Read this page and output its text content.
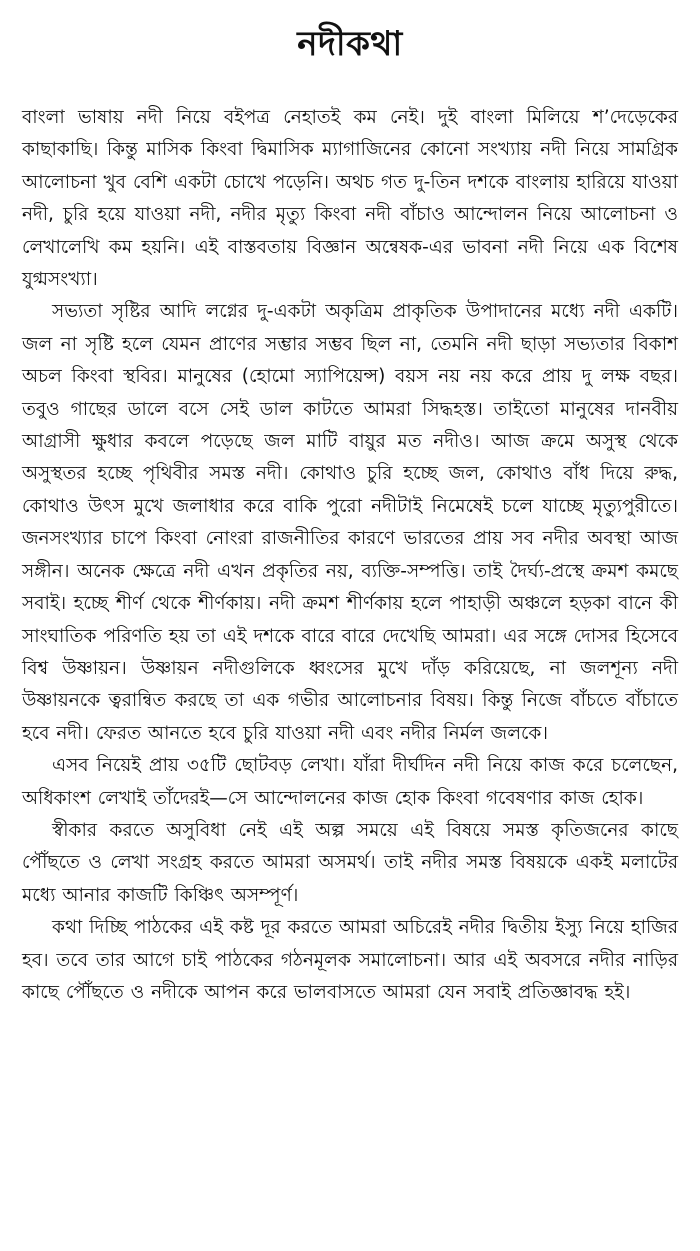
নদীকথা

বাংলা ভাষায় নদী নিয়ে বইপত্র নেহাতই কম নেই। দুই বাংলা মিলিয়ে শ’দেড়েকের কাছাকাছি। কিন্তু মাসিক কিংবা দ্বিমাসিক ম্যাগাজিনের কোনো সংখ্যায় নদী নিয়ে সামগ্রিক আলোচনা খুব বেশি একটা চোখে পড়েনি। অথচ গত দু-তিন দশকে বাংলায় হারিয়ে যাওয়া নদী, চুরি হয়ে যাওয়া নদী, নদীর মৃত্যু কিংবা নদী বাঁচাও আন্দোলন নিয়ে আলোচনা ও লেখালেখি কম হয়নি। এই বাস্তবতায় বিজ্ঞান অন্বেষক-এর ভাবনা নদী নিয়ে এক বিশেষ যুগ্মসংখ্যা।

সভ্যতা সৃষ্টির আদি লগ্নের দু-একটা অকৃত্রিম প্রাকৃতিক উপাদানের মধ্যে নদী একটি। জল না সৃষ্টি হলে যেমন প্রাণের সম্ভার সম্ভব ছিল না, তেমনি নদী ছাড়া সভ্যতার বিকাশ অচল কিংবা স্থবির। মানুষের (হোমো স্যাপিয়েন্স) বয়স নয় নয় করে প্রায় দু লক্ষ বছর। তবুও গাছের ডালে বসে সেই ডাল কাটতে আমরা সিদ্ধহস্ত। তাইতো মানুষের দানবীয় আগ্রাসী ক্ষুধার কবলে পড়েছে জল মাটি বায়ুর মত নদীও। আজ ক্রমে অসুস্থ থেকে অসুস্থতর হচ্ছে পৃথিবীর সমস্ত নদী। কোথাও চুরি হচ্ছে জল, কোথাও বাঁধ দিয়ে রুদ্ধ, কোথাও উৎস মুখে জলাধার করে বাকি পুরো নদীটাই নিমেষেই চলে যাচ্ছে মৃত্যুপুরীতে। জনসংখ্যার চাপে কিংবা নোংরা রাজনীতির কারণে ভারতের প্রায় সব নদীর অবস্থা আজ সঙ্গীন। অনেক ক্ষেত্রে নদী এখন প্রকৃতির নয়, ব্যক্তি-সম্পত্তি। তাই দৈর্ঘ্য-প্রস্থে ক্রমশ কমছে সবাই। হচ্ছে শীর্ণ থেকে শীর্ণকায়। নদী ক্রমশ শীর্ণকায় হলে পাহাড়ী অঞ্চলে হড়কা বানে কী সাংঘাতিক পরিণতি হয় তা এই দশকে বারে বারে দেখেছি আমরা। এর সঙ্গে দোসর হিসেবে বিশ্ব উষ্ণায়ন। উষ্ণায়ন নদীগুলিকে ধ্বংসের মুখে দাঁড় করিয়েছে, না জলশূন্য নদী উষ্ণায়নকে ত্বরান্বিত করছে তা এক গভীর আলোচনার বিষয়। কিন্তু নিজে বাঁচতে বাঁচাতে হবে নদী। ফেরত আনতে হবে চুরি যাওয়া নদী এবং নদীর নির্মল জলকে।

এসব নিয়েই প্রায় ৩৫টি ছোটবড় লেখা। যাঁরা দীর্ঘদিন নদী নিয়ে কাজ করে চলেছেন, অধিকাংশ লেখাই তাঁদেরই—সে আন্দোলনের কাজ হোক কিংবা গবেষণার কাজ হোক।

স্বীকার করতে অসুবিধা নেই এই অল্প সময়ে এই বিষয়ে সমস্ত কৃতিজনের কাছে পৌঁছতে ও লেখা সংগ্রহ করতে আমরা অসমর্থ। তাই নদীর সমস্ত বিষয়কে একই মলাটের মধ্যে আনার কাজটি কিঞ্চিৎ অসম্পূর্ণ।

কথা দিচ্ছি পাঠকের এই কষ্ট দূর করতে আমরা অচিরেই নদীর দ্বিতীয় ইস্যু নিয়ে হাজির হব। তবে তার আগে চাই পাঠকের গঠনমূলক সমালোচনা। আর এই অবসরে নদীর নাড়ির কাছে পৌঁছতে ও নদীকে আপন করে ভালবাসতে আমরা যেন সবাই প্রতিজ্ঞাবদ্ধ হই।
